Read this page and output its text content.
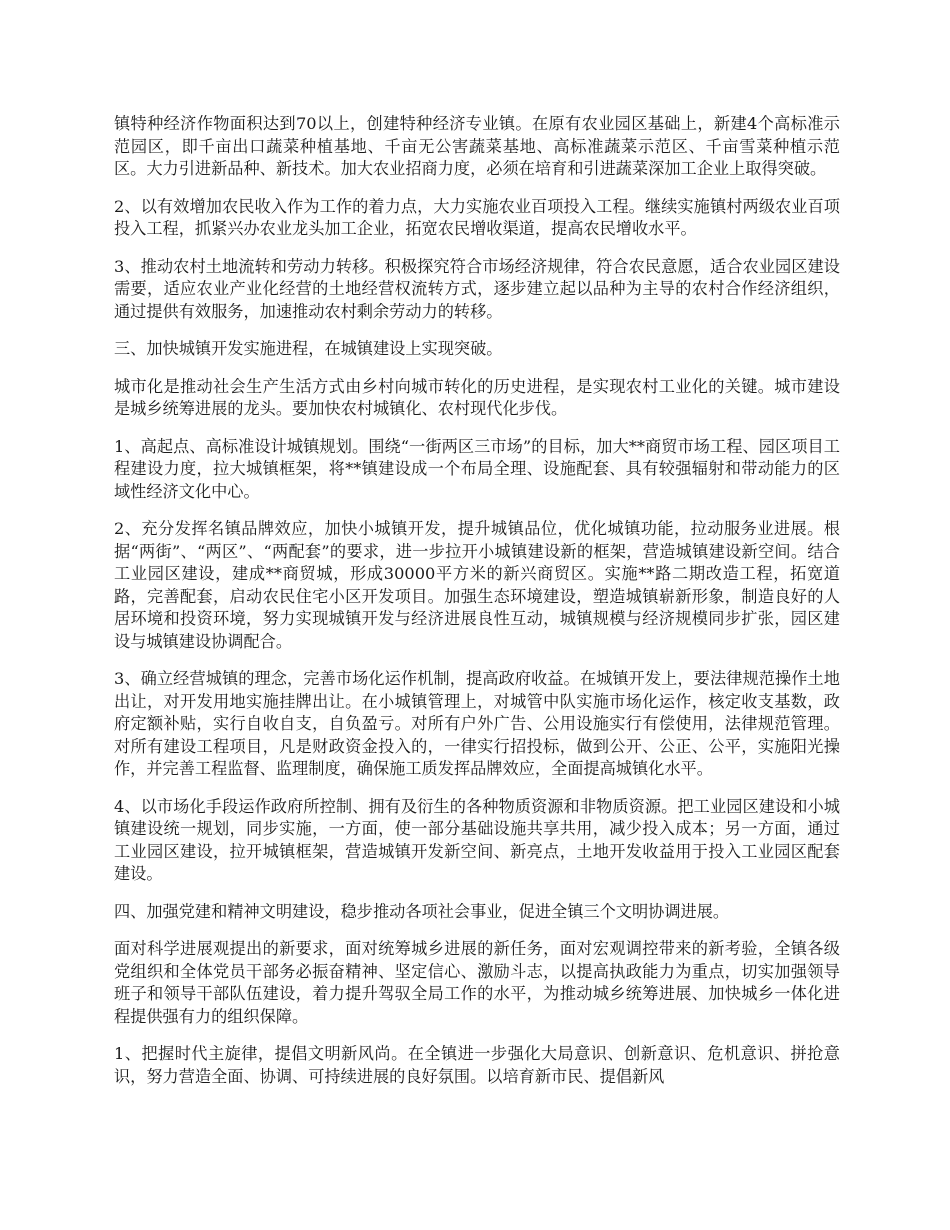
镇特种经济作物面积达到70以上，创建特种经济专业镇。在原有农业园区基础上，新建4个高标准示范园区，即千亩出口蔬菜种植基地、千亩无公害蔬菜基地、高标准蔬菜示范区、千亩雪菜种植示范区。大力引进新品种、新技术。加大农业招商力度，必须在培育和引进蔬菜深加工企业上取得突破。

2、以有效增加农民收入作为工作的着力点，大力实施农业百项投入工程。继续实施镇村两级农业百项投入工程，抓紧兴办农业龙头加工企业，拓宽农民增收渠道，提高农民增收水平。

3、推动农村土地流转和劳动力转移。积极探究符合市场经济规律，符合农民意愿，适合农业园区建设需要，适应农业产业化经营的土地经营权流转方式，逐步建立起以品种为主导的农村合作经济组织，通过提供有效服务，加速推动农村剩余劳动力的转移。

三、加快城镇开发实施进程，在城镇建设上实现突破。

城市化是推动社会生产生活方式由乡村向城市转化的历史进程，是实现农村工业化的关键。城市建设是城乡统筹进展的龙头。要加快农村城镇化、农村现代化步伐。

1、高起点、高标准设计城镇规划。围绕“一街两区三市场”的目标，加大**商贸市场工程、园区项目工程建设力度，拉大城镇框架，将**镇建设成一个布局全理、设施配套、具有较强辐射和带动能力的区域性经济文化中心。

2、充分发挥名镇品牌效应，加快小城镇开发，提升城镇品位，优化城镇功能，拉动服务业进展。根据“两街”、“两区”、“两配套”的要求，进一步拉开小城镇建设新的框架，营造城镇建设新空间。结合工业园区建设，建成**商贸城，形成30000平方米的新兴商贸区。实施**路二期改造工程，拓宽道路，完善配套，启动农民住宅小区开发项目。加强生态环境建设，塑造城镇崭新形象，制造良好的人居环境和投资环境，努力实现城镇开发与经济进展良性互动，城镇规模与经济规模同步扩张，园区建设与城镇建设协调配合。

3、确立经营城镇的理念，完善市场化运作机制，提高政府收益。在城镇开发上，要法律规范操作土地出让，对开发用地实施挂牌出让。在小城镇管理上，对城管中队实施市场化运作，核定收支基数，政府定额补贴，实行自收自支，自负盈亏。对所有户外广告、公用设施实行有偿使用，法律规范管理。对所有建设工程项目，凡是财政资金投入的，一律实行招投标，做到公开、公正、公平，实施阳光操作，并完善工程监督、监理制度，确保施工质发挥品牌效应，全面提高城镇化水平。

4、以市场化手段运作政府所控制、拥有及衍生的各种物质资源和非物质资源。把工业园区建设和小城镇建设统一规划，同步实施，一方面，使一部分基础设施共享共用，减少投入成本；另一方面，通过工业园区建设，拉开城镇框架，营造城镇开发新空间、新亮点，土地开发收益用于投入工业园区配套建设。

四、加强党建和精神文明建设，稳步推动各项社会事业，促进全镇三个文明协调进展。

面对科学进展观提出的新要求，面对统筹城乡进展的新任务，面对宏观调控带来的新考验，全镇各级党组织和全体党员干部务必振奋精神、坚定信心、激励斗志，以提高执政能力为重点，切实加强领导班子和领导干部队伍建设，着力提升驾驭全局工作的水平，为推动城乡统筹进展、加快城乡一体化进程提供强有力的组织保障。

1、把握时代主旋律，提倡文明新风尚。在全镇进一步强化大局意识、创新意识、危机意识、拼抢意识，努力营造全面、协调、可持续进展的良好氛围。以培育新市民、提倡新风
